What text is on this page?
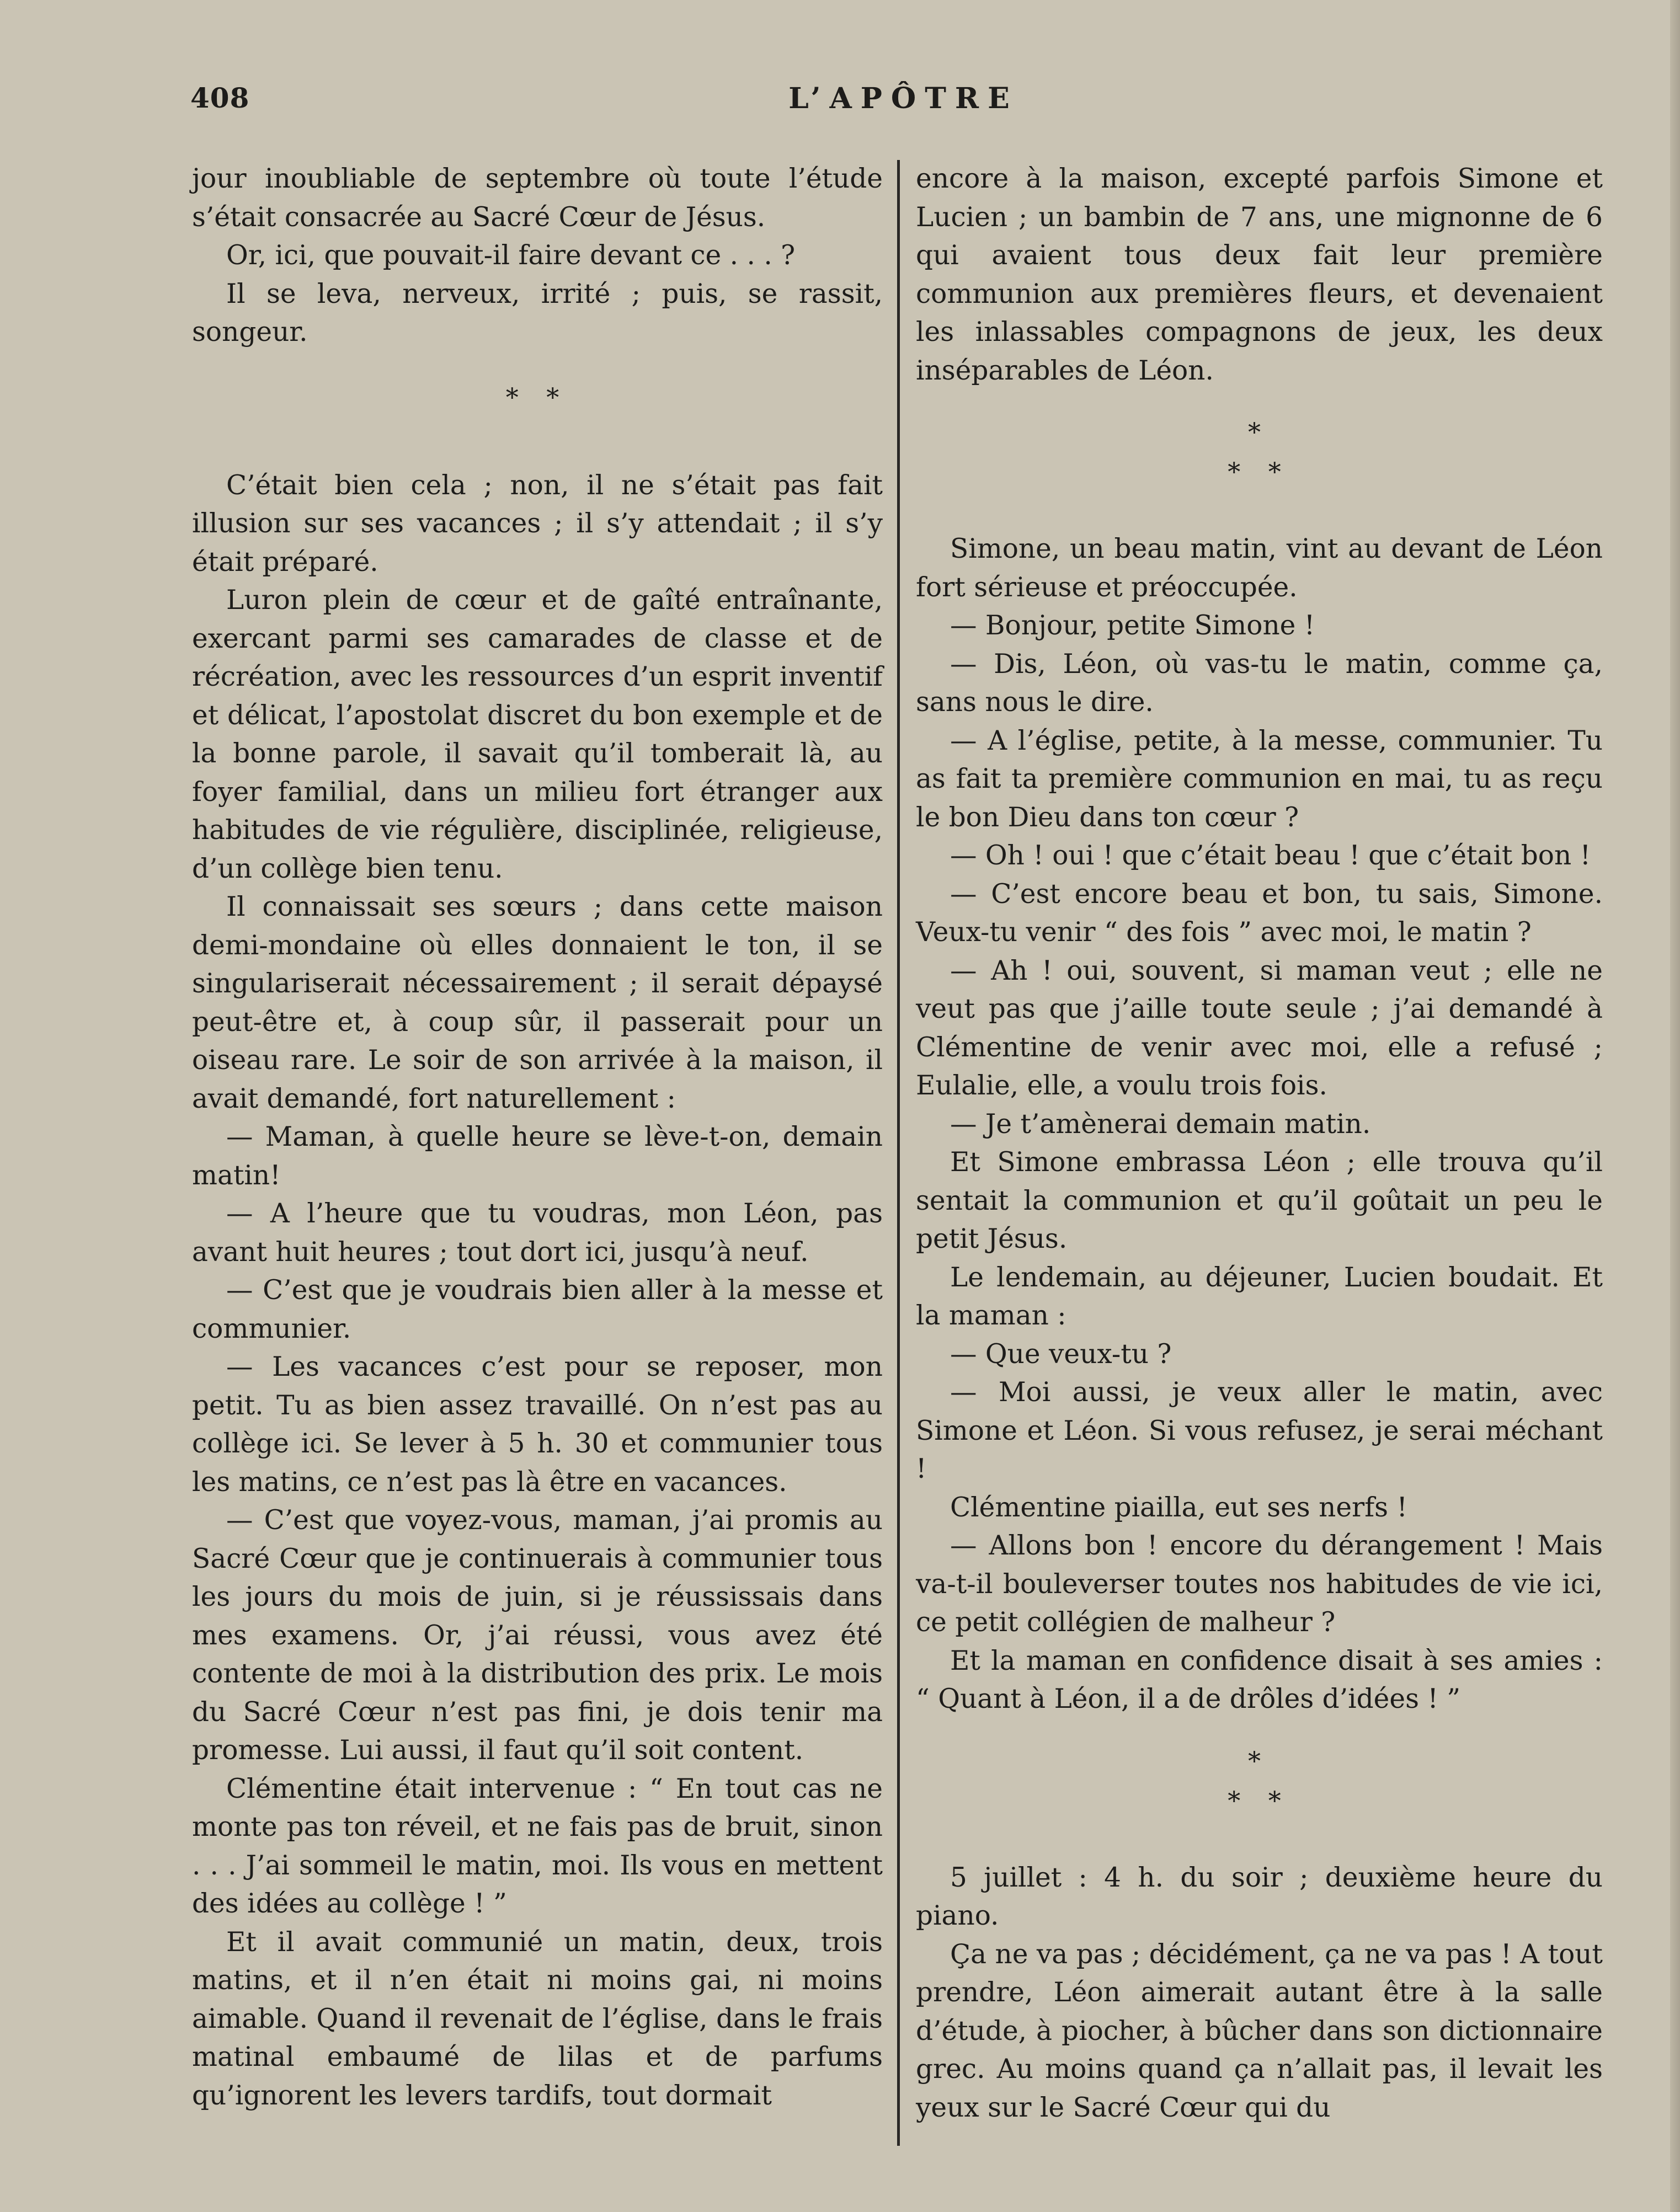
408	L’APÔTRE

jour inoubliable de septembre où toute l’étude s’était consacrée au Sacré Cœur de Jésus.

Or, ici, que pouvait-il faire devant ce . . . ?

Il se leva, nerveux, irrité ; puis, se rassit, songeur.

* *

C’était bien cela ; non, il ne s’était pas fait illusion sur ses vacances ; il s’y attendait ; il s’y était préparé.

Luron plein de cœur et de gaîté entraînante, exercant parmi ses camarades de classe et de récréation, avec les ressources d’un esprit inventif et délicat, l’apostolat discret du bon exemple et de la bonne parole, il savait qu’il tomberait là, au foyer familial, dans un milieu fort étranger aux habitudes de vie régulière, disciplinée, religieuse, d’un collège bien tenu.

Il connaissait ses sœurs ; dans cette maison demi-mondaine où elles donnaient le ton, il se singulariserait nécessairement ; il serait dépaysé peut-être et, à coup sûr, il passerait pour un oiseau rare. Le soir de son arrivée à la maison, il avait demandé, fort naturellement :

— Maman, à quelle heure se lève-t-on, demain matin!

— A l’heure que tu voudras, mon Léon, pas avant huit heures ; tout dort ici, jusqu’à neuf.

— C’est que je voudrais bien aller à la messe et communier.

— Les vacances c’est pour se reposer, mon petit. Tu as bien assez travaillé. On n’est pas au collège ici. Se lever à 5 h. 30 et communier tous les matins, ce n’est pas là être en vacances.

— C’est que voyez-vous, maman, j’ai promis au Sacré Cœur que je continuerais à communier tous les jours du mois de juin, si je réussissais dans mes examens. Or, j’ai réussi, vous avez été contente de moi à la distribution des prix. Le mois du Sacré Cœur n’est pas fini, je dois tenir ma promesse. Lui aussi, il faut qu’il soit content.

Clémentine était intervenue : “ En tout cas ne monte pas ton réveil, et ne fais pas de bruit, sinon . . . J’ai sommeil le matin, moi. Ils vous en mettent des idées au collège ! ”

Et il avait communié un matin, deux, trois matins, et il n’en était ni moins gai, ni moins aimable. Quand il revenait de l’église, dans le frais matinal embaumé de lilas et de parfums qu’ignorent les levers tardifs, tout dormait

encore à la maison, excepté parfois Simone et Lucien ; un bambin de 7 ans, une mignonne de 6 qui avaient tous deux fait leur première communion aux premières fleurs, et devenaient les inlassables compagnons de jeux, les deux inséparables de Léon.

*
* *

Simone, un beau matin, vint au devant de Léon fort sérieuse et préoccupée.

— Bonjour, petite Simone !

— Dis, Léon, où vas-tu le matin, comme ça, sans nous le dire.

— A l’église, petite, à la messe, communier. Tu as fait ta première communion en mai, tu as reçu le bon Dieu dans ton cœur ?

— Oh ! oui ! que c’était beau ! que c’était bon !

— C’est encore beau et bon, tu sais, Simone. Veux-tu venir “ des fois ” avec moi, le matin ?

— Ah ! oui, souvent, si maman veut ; elle ne veut pas que j’aille toute seule ; j’ai demandé à Clémentine de venir avec moi, elle a refusé ; Eulalie, elle, a voulu trois fois.

— Je t’amènerai demain matin.

Et Simone embrassa Léon ; elle trouva qu’il sentait la communion et qu’il goûtait un peu le petit Jésus.

Le lendemain, au déjeuner, Lucien boudait. Et la maman :

— Que veux-tu ?

— Moi aussi, je veux aller le matin, avec Simone et Léon. Si vous refusez, je serai méchant !

Clémentine piailla, eut ses nerfs !

— Allons bon ! encore du dérangement ! Mais va-t-il bouleverser toutes nos habitudes de vie ici, ce petit collégien de malheur ?

Et la maman en confidence disait à ses amies : “ Quant à Léon, il a de drôles d’idées ! ”

*
* *

5 juillet : 4 h. du soir ; deuxième heure du piano.

Ça ne va pas ; décidément, ça ne va pas ! A tout prendre, Léon aimerait autant être à la salle d’étude, à piocher, à bûcher dans son dictionnaire grec. Au moins quand ça n’allait pas, il levait les yeux sur le Sacré Cœur qui du
